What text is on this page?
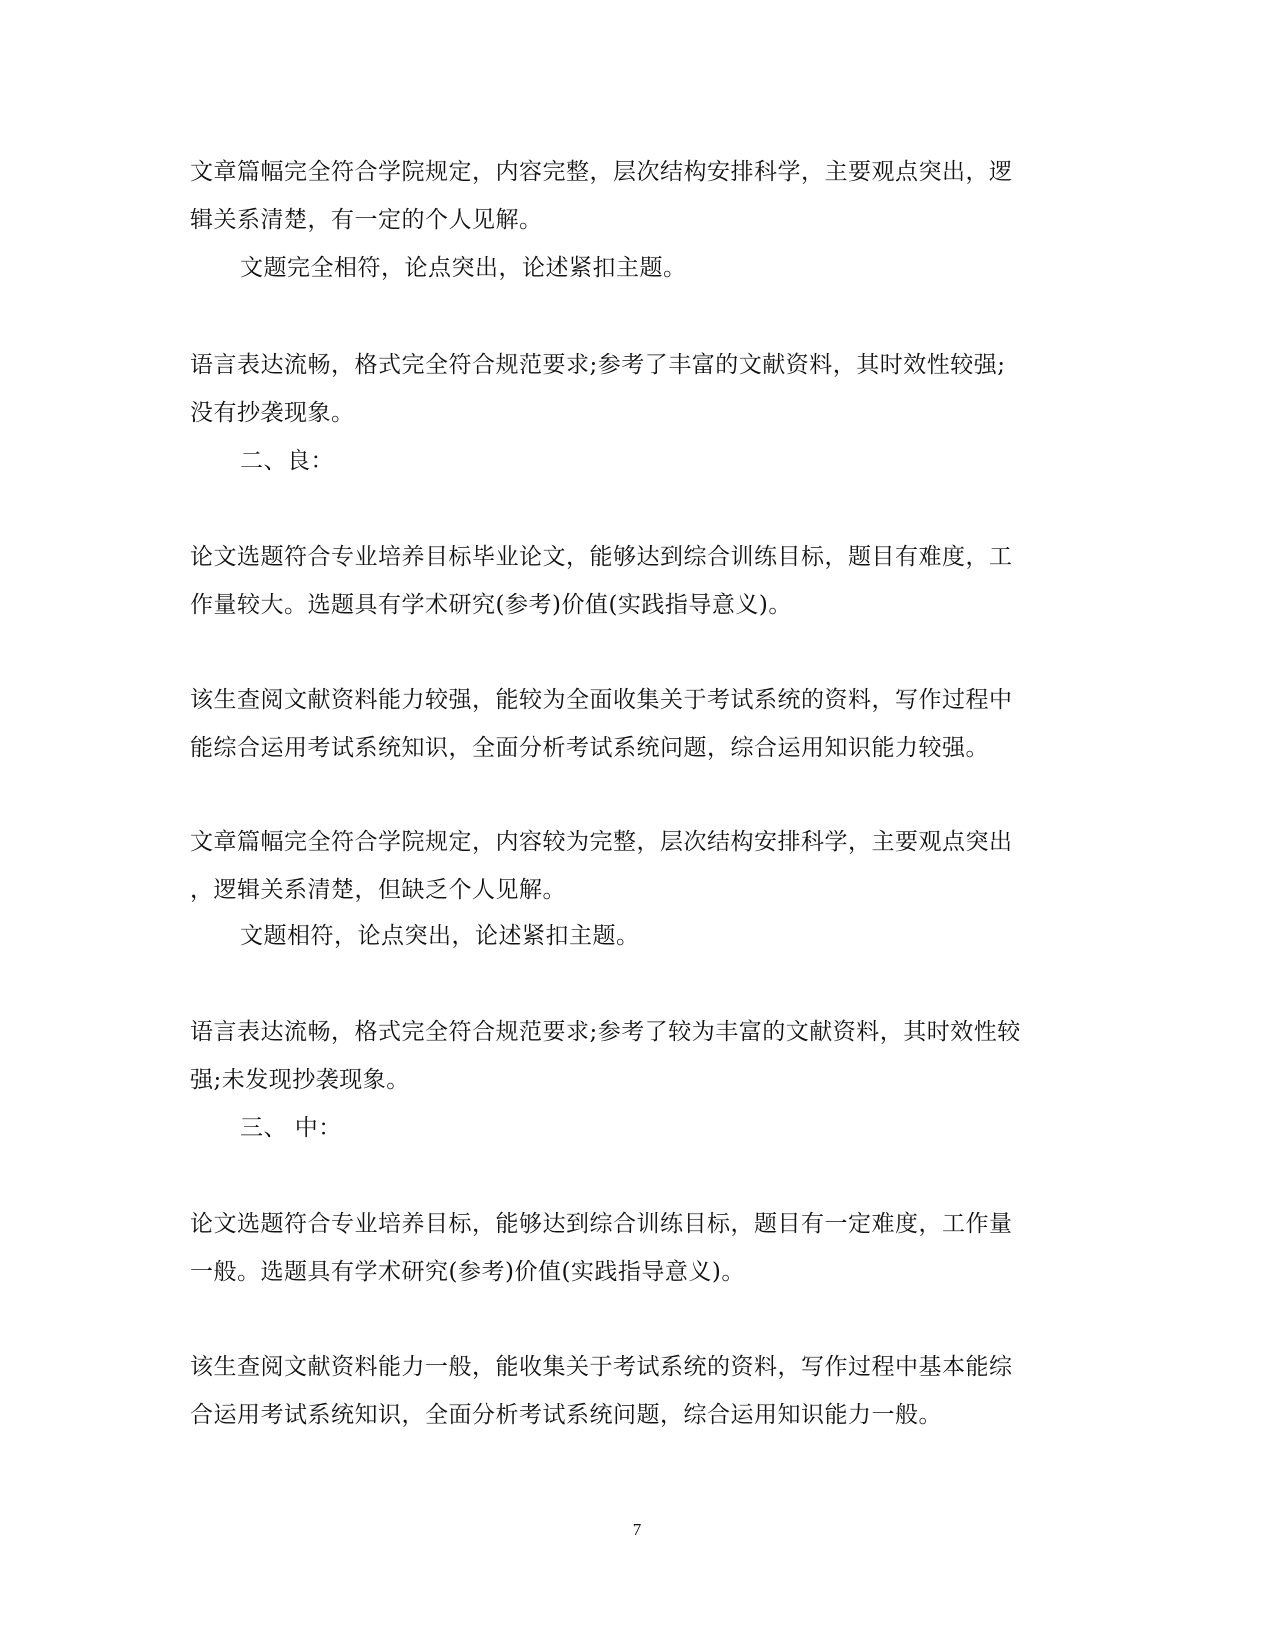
文章篇幅完全符合学院规定，内容完整，层次结构安排科学，主要观点突出，逻
辑关系清楚，有一定的个人见解。
文题完全相符，论点突出，论述紧扣主题。
语言表达流畅，格式完全符合规范要求;参考了丰富的文献资料，其时效性较强;
没有抄袭现象。
二、良：
论文选题符合专业培养目标毕业论文，能够达到综合训练目标，题目有难度，工
作量较大。选题具有学术研究(参考)价值(实践指导意义)。
该生查阅文献资料能力较强，能较为全面收集关于考试系统的资料，写作过程中
能综合运用考试系统知识，全面分析考试系统问题，综合运用知识能力较强。
文章篇幅完全符合学院规定，内容较为完整，层次结构安排科学，主要观点突出
，逻辑关系清楚，但缺乏个人见解。
文题相符，论点突出，论述紧扣主题。
语言表达流畅，格式完全符合规范要求;参考了较为丰富的文献资料，其时效性较
强;未发现抄袭现象。
三、 中：
论文选题符合专业培养目标，能够达到综合训练目标，题目有一定难度，工作量
一般。选题具有学术研究(参考)价值(实践指导意义)。
该生查阅文献资料能力一般，能收集关于考试系统的资料，写作过程中基本能综
合运用考试系统知识，全面分析考试系统问题，综合运用知识能力一般。
7
